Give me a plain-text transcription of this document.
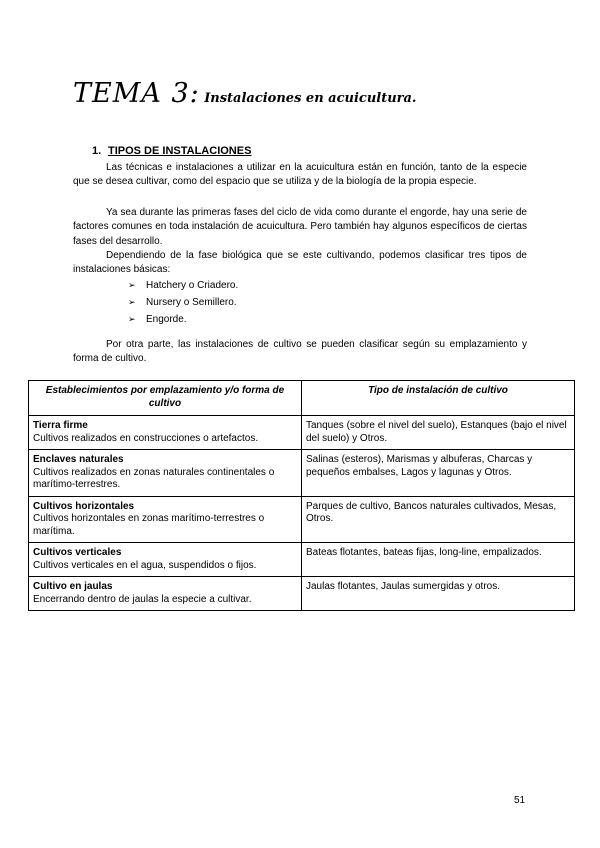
TEMA 3: Instalaciones en acuicultura.
1. TIPOS DE INSTALACIONES
Las técnicas e instalaciones a utilizar en la acuicultura están en función, tanto de la especie que se desea cultivar, como del espacio que se utiliza y de la biología de la propia especie.
Ya sea durante las primeras fases del ciclo de vida como durante el engorde, hay una serie de factores comunes en toda instalación de acuicultura. Pero también hay algunos específicos de ciertas fases del desarrollo.
Dependiendo de la fase biológica que se este cultivando, podemos clasificar tres tipos de instalaciones básicas:
➢ Hatchery o Criadero.
➢ Nursery o Semillero.
➢ Engorde.
Por otra parte, las instalaciones de cultivo se pueden clasificar según su emplazamiento y forma de cultivo.
Establecimientos por emplazamiento y/o forma de cultivo	Tipo de instalación de cultivo

Tierra firme
Cultivos realizados en construcciones o artefactos.	Tanques (sobre el nivel del suelo), Estanques (bajo el nivel del suelo) y Otros.

Enclaves naturales
Cultivos realizados en zonas naturales continentales o marítimo-terrestres.	Salinas (esteros), Marismas y albuferas, Charcas y pequeños embalses, Lagos y lagunas y Otros.

Cultivos horizontales
Cultivos horizontales en zonas marítimo-terrestres o marítima.	Parques de cultivo, Bancos naturales cultivados, Mesas, Otros.

Cultivos verticales
Cultivos verticales en el agua, suspendidos o fijos.	Bateas flotantes, bateas fijas, long-line, empalizados.

Cultivo en jaulas
Encerrando dentro de jaulas la especie a cultivar.	Jaulas flotantes, Jaulas sumergidas y otros.
51
